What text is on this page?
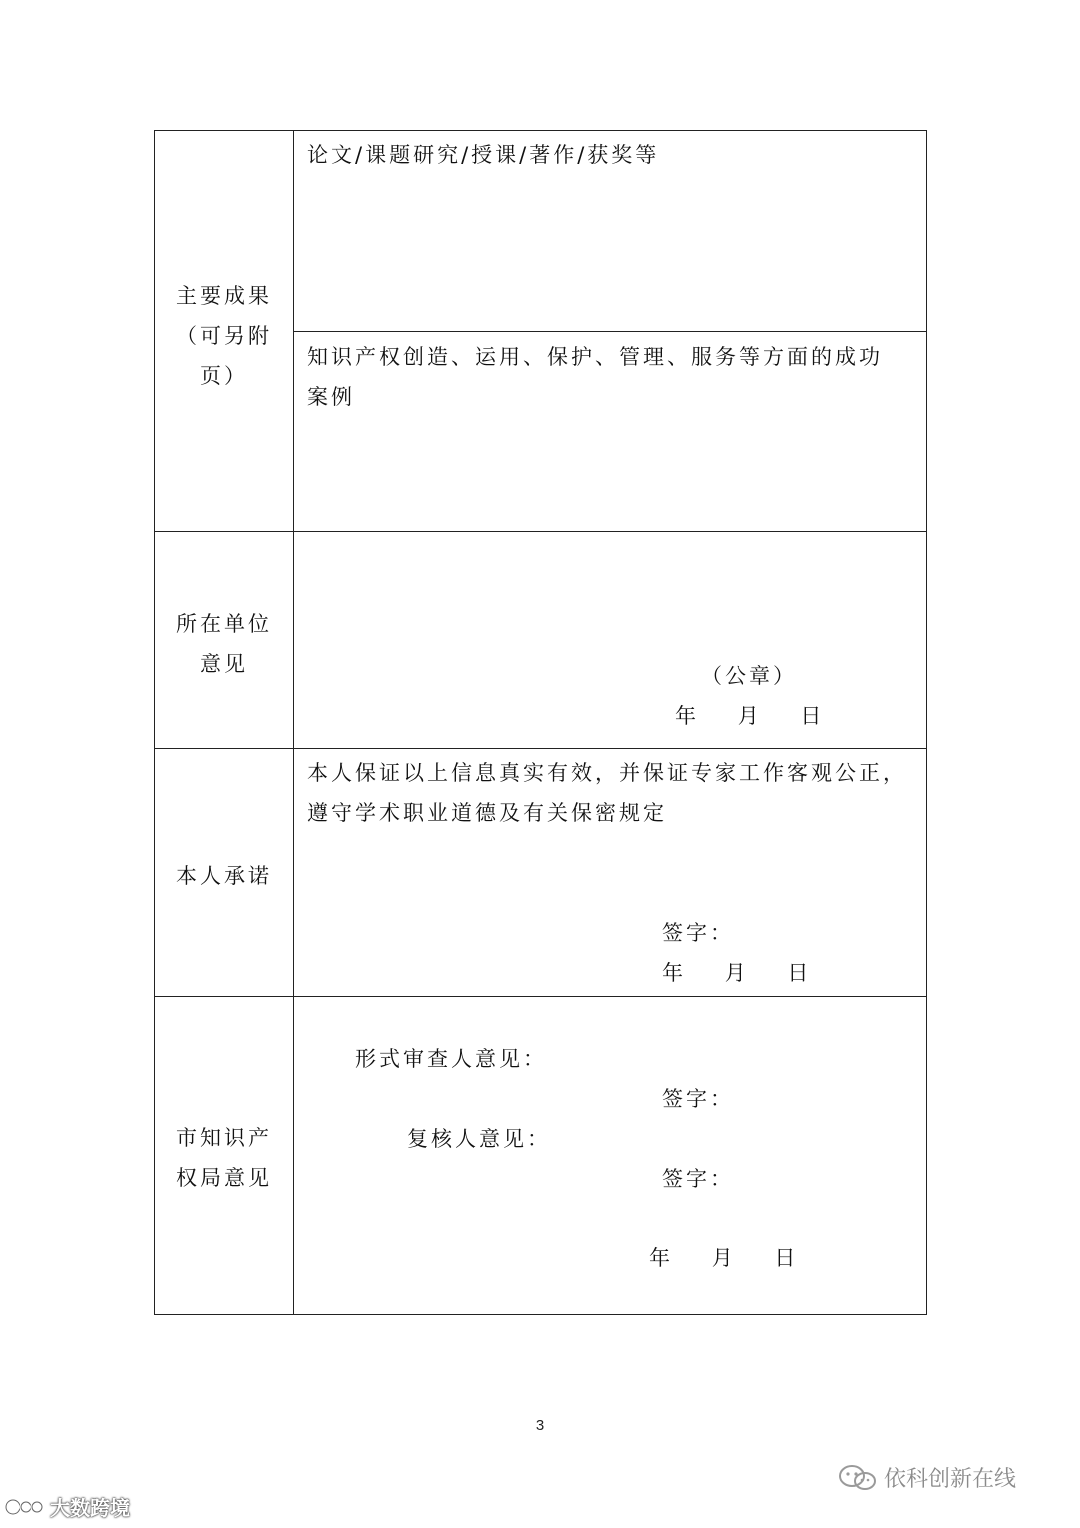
主要成果
（可另附
页）
论文/课题研究/授课/著作/获奖等
知识产权创造、运用、保护、管理、服务等方面的成功
案例
所在单位
意见	（公章）
年    月    日
本人承诺
本人保证以上信息真实有效，并保证专家工作客观公正，
遵守学术职业道德及有关保密规定
签字：
年    月    日
市知识产
权局意见
形式审查人意见：
签字：
复核人意见：
签字：
年    月    日
3
依科创新在线
大数跨境
